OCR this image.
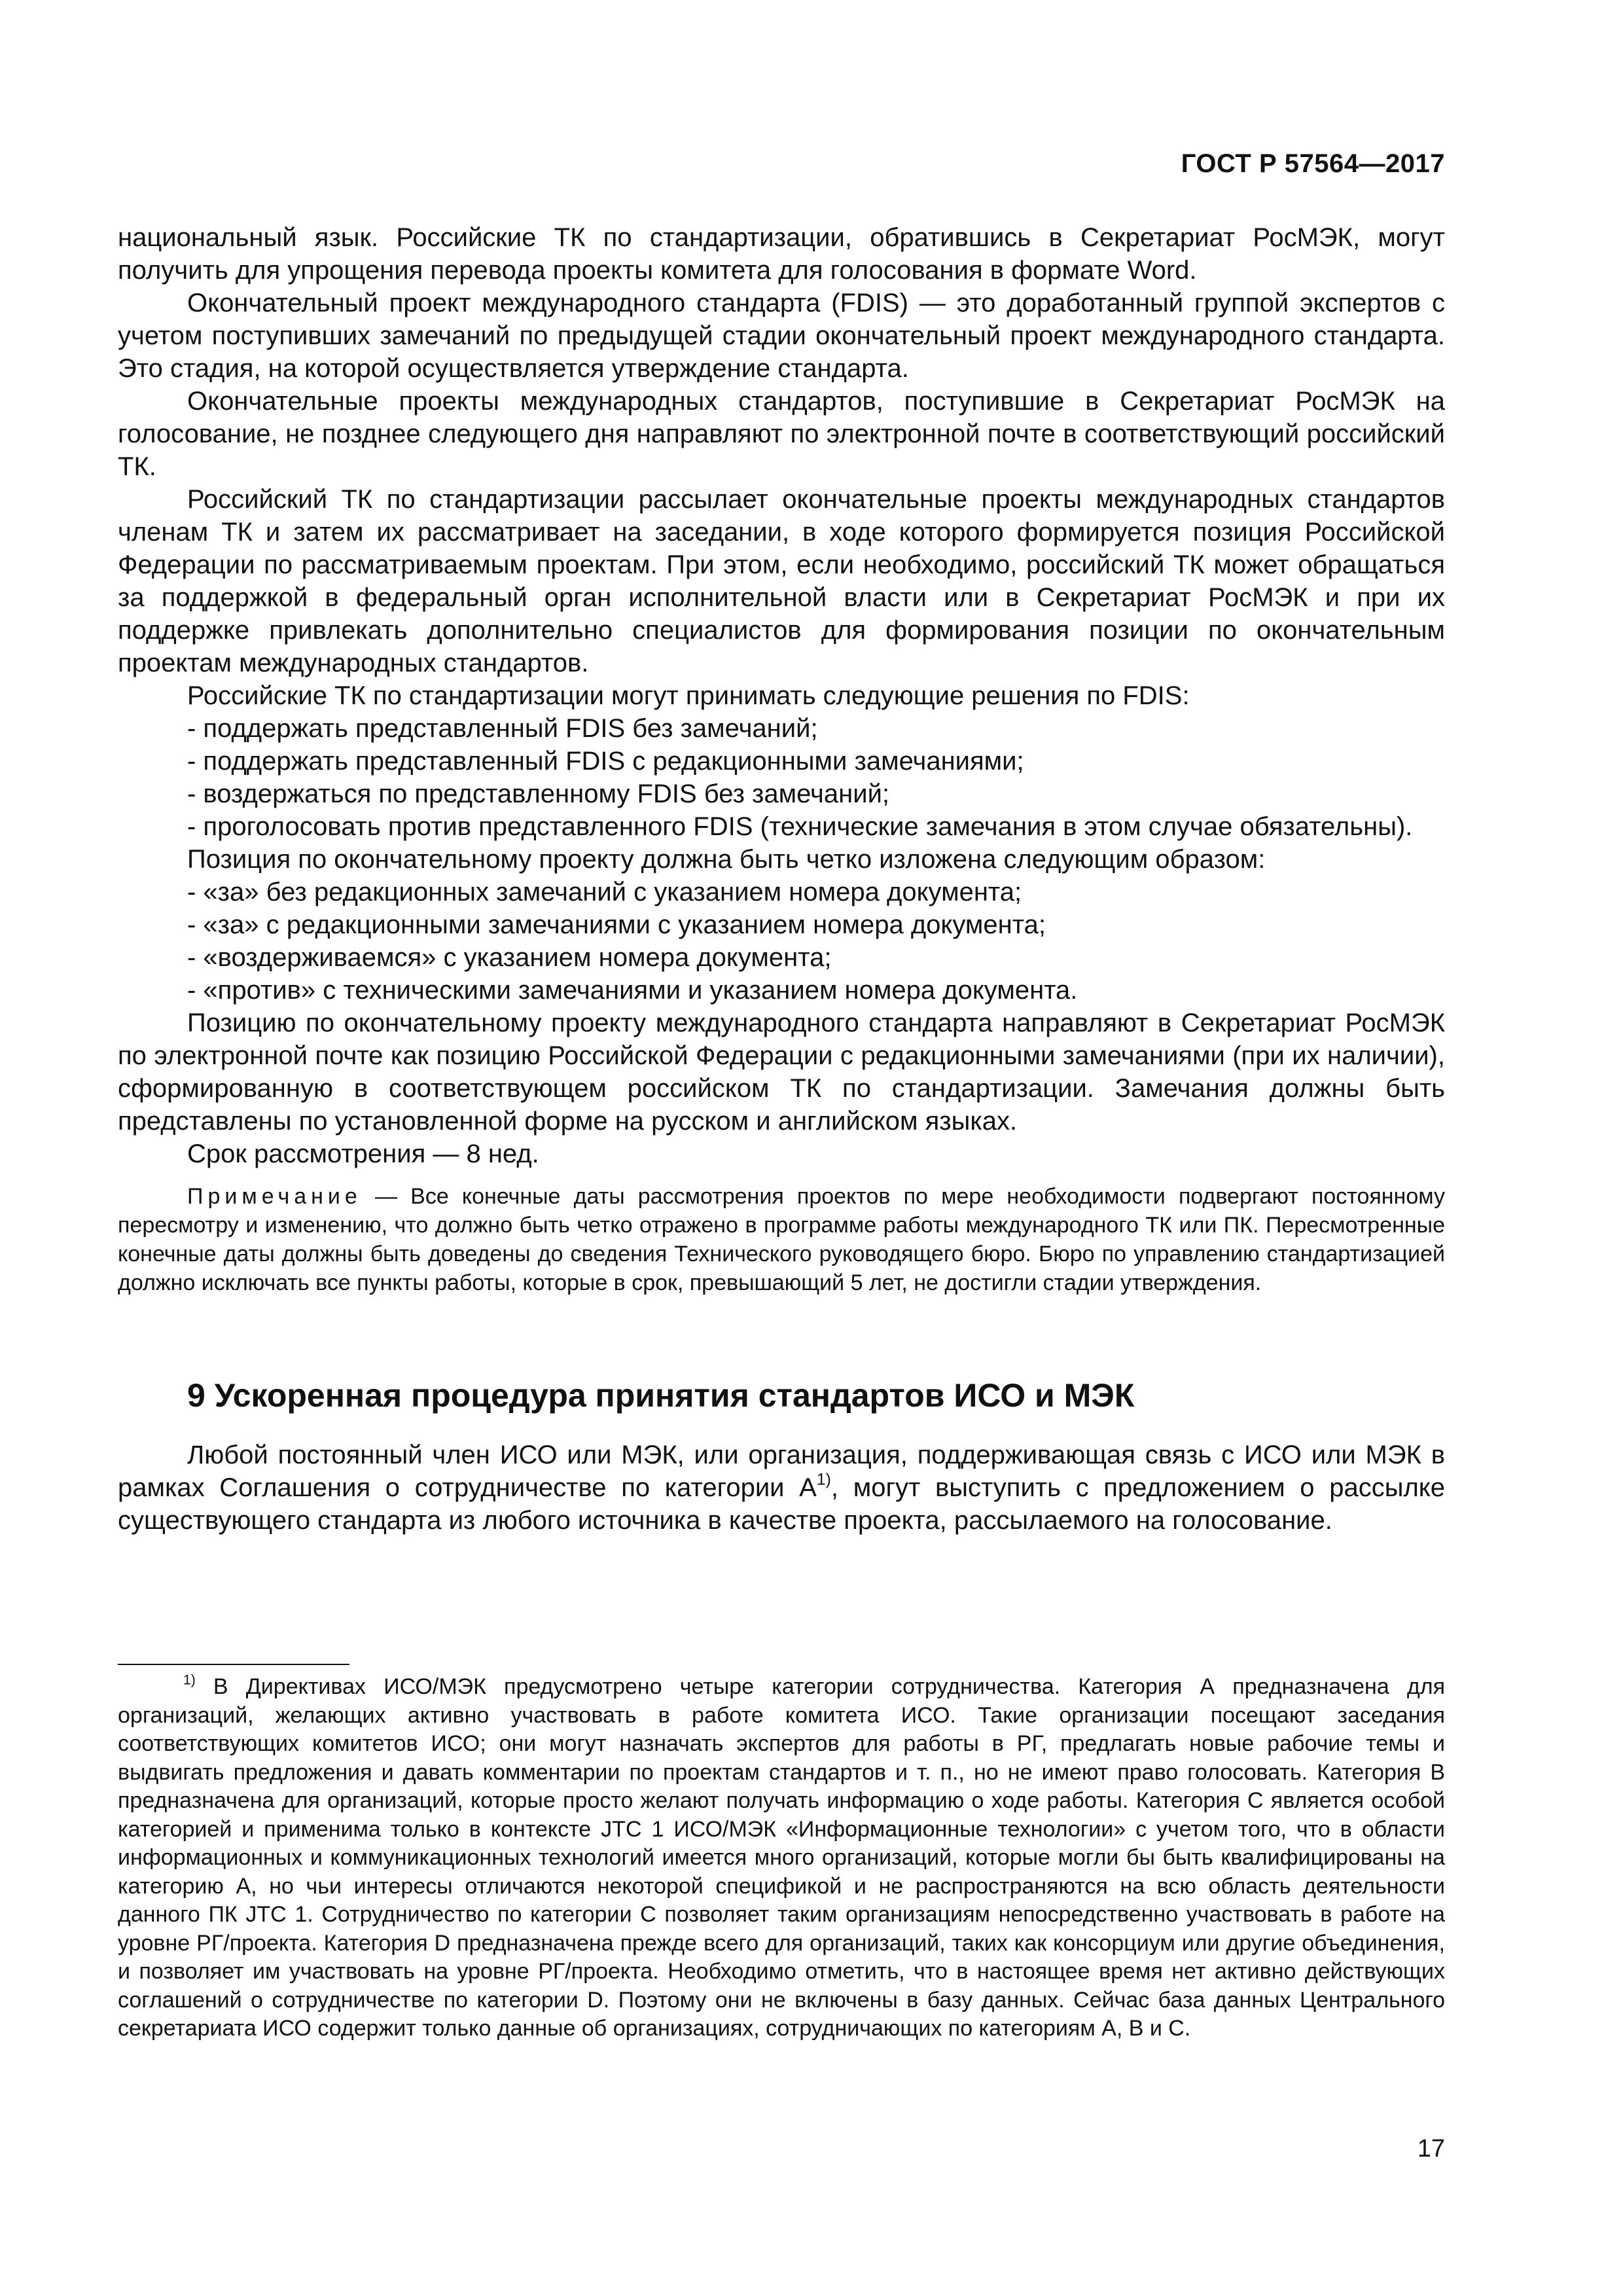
ГОСТ Р 57564—2017

национальный язык. Российские ТК по стандартизации, обратившись в Секретариат РосМЭК, могут получить для упрощения перевода проекты комитета для голосования в формате Word.

Окончательный проект международного стандарта (FDIS) — это доработанный группой экспертов с учетом поступивших замечаний по предыдущей стадии окончательный проект международного стандарта. Это стадия, на которой осуществляется утверждение стандарта.

Окончательные проекты международных стандартов, поступившие в Секретариат РосМЭК на голосование, не позднее следующего дня направляют по электронной почте в соответствующий российский ТК.

Российский ТК по стандартизации рассылает окончательные проекты международных стандартов членам ТК и затем их рассматривает на заседании, в ходе которого формируется позиция Российской Федерации по рассматриваемым проектам. При этом, если необходимо, российский ТК может обращаться за поддержкой в федеральный орган исполнительной власти или в Секретариат РосМЭК и при их поддержке привлекать дополнительно специалистов для формирования позиции по окончательным проектам международных стандартов.

Российские ТК по стандартизации могут принимать следующие решения по FDIS:

- поддержать представленный FDIS без замечаний;

- поддержать представленный FDIS с редакционными замечаниями;

- воздержаться по представленному FDIS без замечаний;

- проголосовать против представленного FDIS (технические замечания в этом случае обязательны).

Позиция по окончательному проекту должна быть четко изложена следующим образом:

- «за» без редакционных замечаний с указанием номера документа;

- «за» с редакционными замечаниями с указанием номера документа;

- «воздерживаемся» с указанием номера документа;

- «против» с техническими замечаниями и указанием номера документа.

Позицию по окончательному проекту международного стандарта направляют в Секретариат РосМЭК по электронной почте как позицию Российской Федерации с редакционными замечаниями (при их наличии), сформированную в соответствующем российском ТК по стандартизации. Замечания должны быть представлены по установленной форме на русском и английском языках.

Срок рассмотрения — 8 нед.

Примечание — Все конечные даты рассмотрения проектов по мере необходимости подвергают постоянному пересмотру и изменению, что должно быть четко отражено в программе работы международного ТК или ПК. Пересмотренные конечные даты должны быть доведены до сведения Технического руководящего бюро. Бюро по управлению стандартизацией должно исключать все пункты работы, которые в срок, превышающий 5 лет, не достигли стадии утверждения.

9 Ускоренная процедура принятия стандартов ИСО и МЭК

Любой постоянный член ИСО или МЭК, или организация, поддерживающая связь с ИСО или МЭК в рамках Соглашения о сотрудничестве по категории $А^{1)}$, могут выступить с предложением о рассылке существующего стандарта из любого источника в качестве проекта, рассылаемого на голосование.

$^{1)}$ В Директивах ИСО/МЭК предусмотрено четыре категории сотрудничества. Категория А предназначена для организаций, желающих активно участвовать в работе комитета ИСО. Такие организации посещают заседания соответствующих комитетов ИСО; они могут назначать экспертов для работы в РГ, предлагать новые рабочие темы и выдвигать предложения и давать комментарии по проектам стандартов и т. п., но не имеют право голосовать. Категория В предназначена для организаций, которые просто желают получать информацию о ходе работы. Категория С является особой категорией и применима только в контексте JTC 1 ИСО/МЭК «Информационные технологии» с учетом того, что в области информационных и коммуникационных технологий имеется много организаций, которые могли бы быть квалифицированы на категорию А, но чьи интересы отличаются некоторой спецификой и не распространяются на всю область деятельности данного ПК JTC 1. Сотрудничество по категории С позволяет таким организациям непосредственно участвовать в работе на уровне РГ/проекта. Категория D предназначена прежде всего для организаций, таких как консорциум или другие объединения, и позволяет им участвовать на уровне РГ/проекта. Необходимо отметить, что в настоящее время нет активно действующих соглашений о сотрудничестве по категории D. Поэтому они не включены в базу данных. Сейчас база данных Центрального секретариата ИСО содержит только данные об организациях, сотрудничающих по категориям А, В и С.

17
